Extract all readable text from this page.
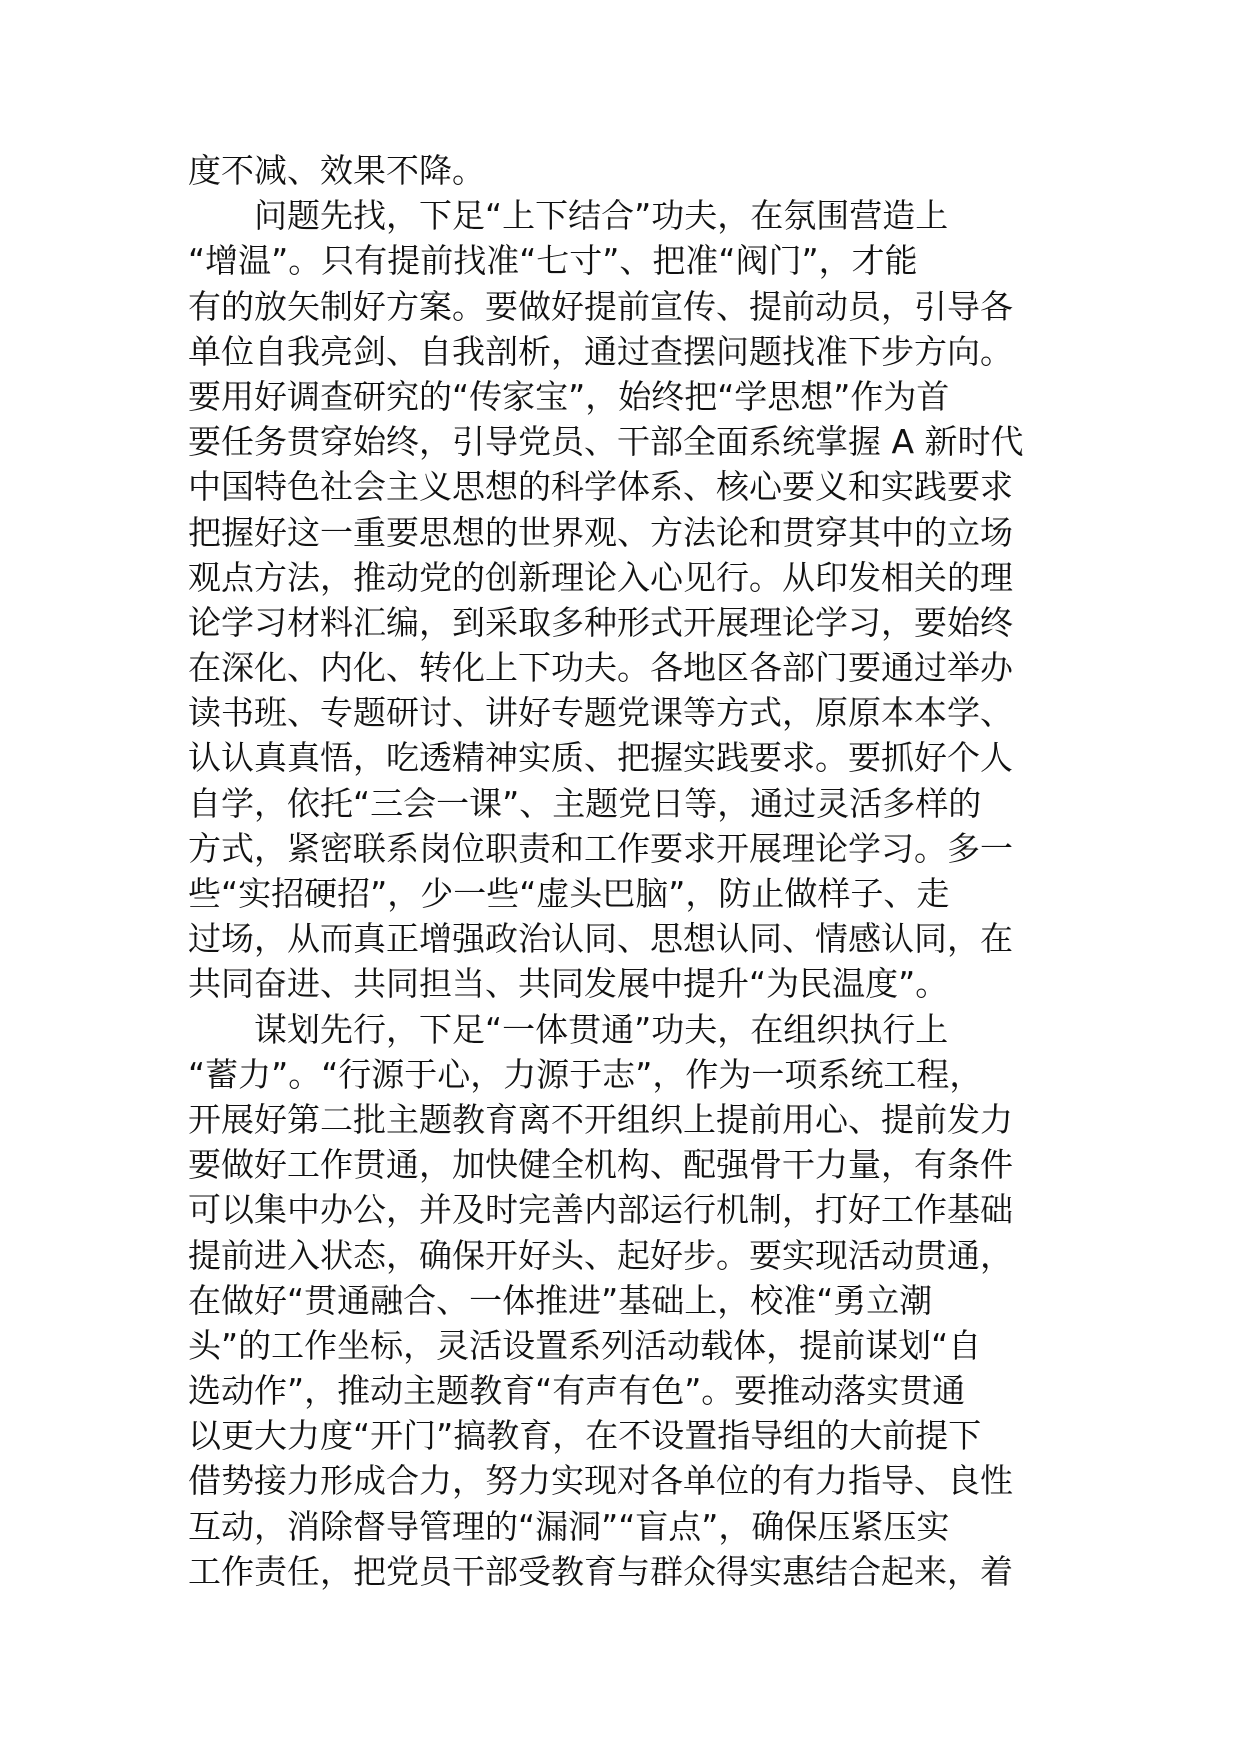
度不减、效果不降。
问题先找，下足“上下结合”功夫，在氛围营造上
“增温”。只有提前找准“七寸”、把准“阀门”，才能
有的放矢制好方案。要做好提前宣传、提前动员，引导各
单位自我亮剑、自我剖析，通过查摆问题找准下步方向。
要用好调查研究的“传家宝”，始终把“学思想”作为首
要任务贯穿始终，引导党员、干部全面系统掌握 A 新时代
中国特色社会主义思想的科学体系、核心要义和实践要求
把握好这一重要思想的世界观、方法论和贯穿其中的立场
观点方法，推动党的创新理论入心见行。从印发相关的理
论学习材料汇编，到采取多种形式开展理论学习，要始终
在深化、内化、转化上下功夫。各地区各部门要通过举办
读书班、专题研讨、讲好专题党课等方式，原原本本学、
认认真真悟，吃透精神实质、把握实践要求。要抓好个人
自学，依托“三会一课”、主题党日等，通过灵活多样的
方式，紧密联系岗位职责和工作要求开展理论学习。多一
些“实招硬招”，少一些“虚头巴脑”，防止做样子、走
过场，从而真正增强政治认同、思想认同、情感认同，在
共同奋进、共同担当、共同发展中提升“为民温度”。
谋划先行，下足“一体贯通”功夫，在组织执行上
“蓄力”。“行源于心，力源于志”，作为一项系统工程，
开展好第二批主题教育离不开组织上提前用心、提前发力
要做好工作贯通，加快健全机构、配强骨干力量，有条件
可以集中办公，并及时完善内部运行机制，打好工作基础
提前进入状态，确保开好头、起好步。要实现活动贯通，
在做好“贯通融合、一体推进”基础上，校准“勇立潮
头”的工作坐标，灵活设置系列活动载体，提前谋划“自
选动作”，推动主题教育“有声有色”。要推动落实贯通
以更大力度“开门”搞教育，在不设置指导组的大前提下
借势接力形成合力，努力实现对各单位的有力指导、良性
互动，消除督导管理的“漏洞”“盲点”，确保压紧压实
工作责任，把党员干部受教育与群众得实惠结合起来，着
